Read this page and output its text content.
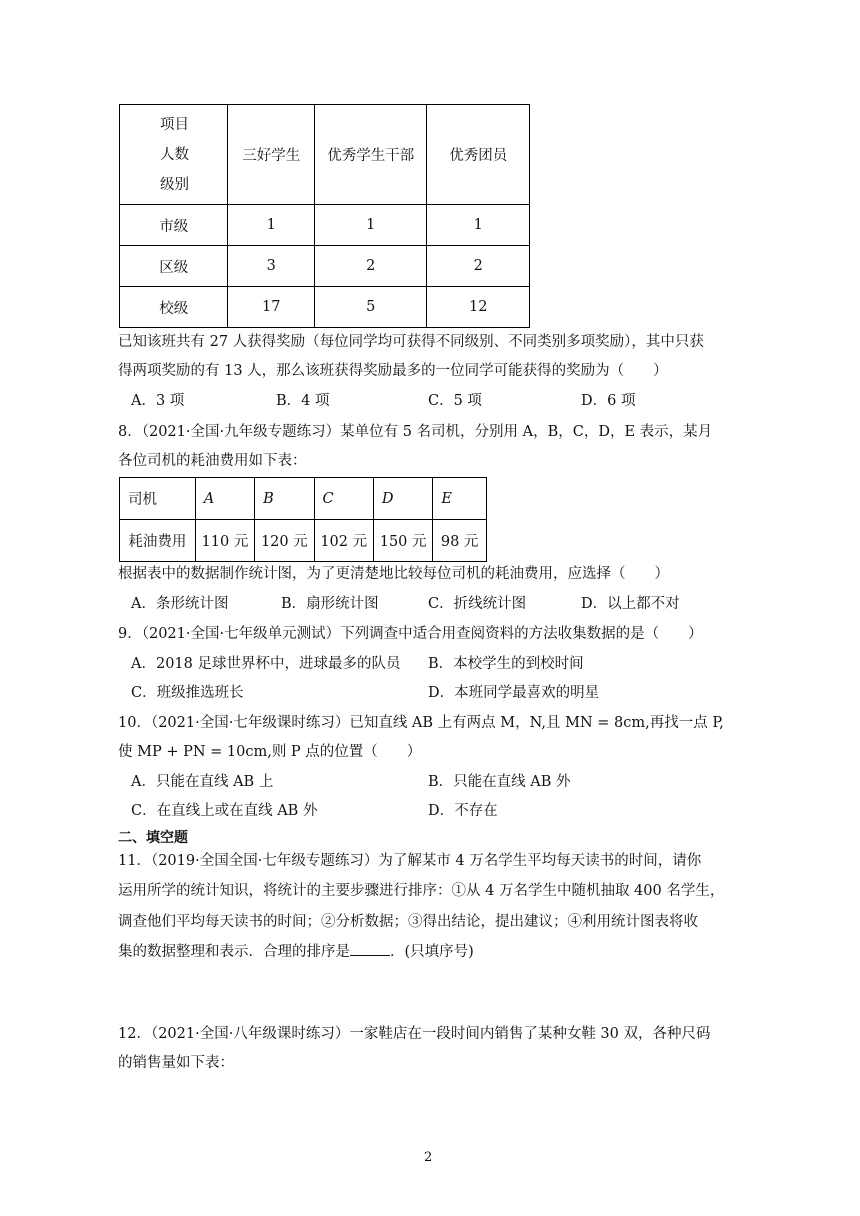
项目
人数
级别	三好学生	优秀学生干部	优秀团员
市级	1	1	1
区级	3	2	2
校级	17	5	12
已知该班共有 27 人获得奖励（每位同学均可获得不同级别、不同类别多项奖励），其中只获
得两项奖励的有 13 人，那么该班获得奖励最多的一位同学可能获得的奖励为（　　）
A．3 项	B．4 项	C．5 项	D．6 项
8．（2021·全国·九年级专题练习）某单位有 5 名司机，分别用 A，B，C，D，E 表示，某月
各位司机的耗油费用如下表：
司机	A	B	C	D	E
耗油费用	110 元	120 元	102 元	150 元	98 元
根据表中的数据制作统计图，为了更清楚地比较每位司机的耗油费用，应选择（　　）
A．条形统计图	B．扇形统计图	C．折线统计图	D．以上都不对
9．（2021·全国·七年级单元测试）下列调查中适合用查阅资料的方法收集数据的是（　　）
A．2018 足球世界杯中，进球最多的队员 B．本校学生的到校时间
C．班级推选班长	D．本班同学最喜欢的明星
10．（2021·全国·七年级课时练习）已知直线 AB 上有两点 M，N,且 MN = 8cm,再找一点 P,
使 MP + PN = 10cm,则 P 点的位置（　　）
A．只能在直线 AB 上	B．只能在直线 AB 外
C．在直线上或在直线 AB 外	D．不存在
二、填空题
11．（2019·全国全国·七年级专题练习）为了解某市 4 万名学生平均每天读书的时间，请你
运用所学的统计知识，将统计的主要步骤进行排序：①从 4 万名学生中随机抽取 400 名学生，
调查他们平均每天读书的时间；②分析数据；③得出结论，提出建议；④利用统计图表将收
集的数据整理和表示．合理的排序是	．(只填序号)
12．（2021·全国·八年级课时练习）一家鞋店在一段时间内销售了某种女鞋 30 双，各种尺码
的销售量如下表：
2
